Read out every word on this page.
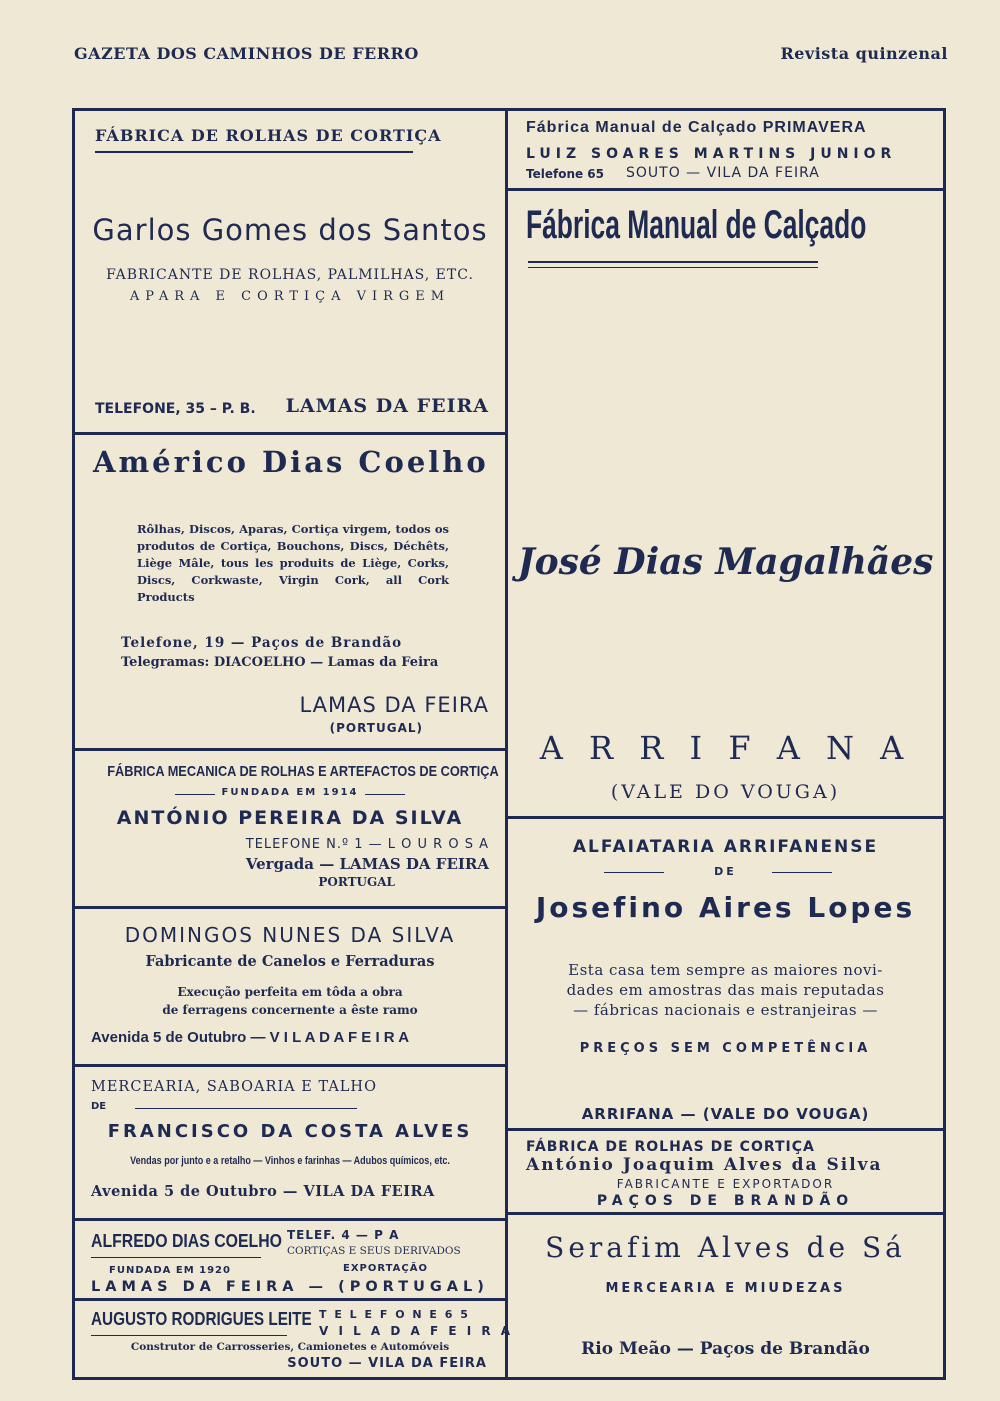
GAZETA DOS CAMINHOS DE FERRO	Revista quinzenal
FÁBRICA DE ROLHAS DE CORTIÇA
Garlos Gomes dos Santos
FABRICANTE DE ROLHAS, PALMILHAS, ETC.
APARA E CORTIÇA VIRGEM
TELEFONE, 35 – P. B. LAMAS DA FEIRA
Américo Dias Coelho
Rôlhas, Discos, Aparas, Cortiça virgem, todos os produtos de Cortiça, Bouchons, Discs, Déchêts, Liège Mâle, tous les produits de Liège, Corks, Discs, Corkwaste, Virgin Cork, all Cork Products
Telefone, 19 — Paços de Brandão
Telegramas: DIACOELHO — Lamas da Feira
LAMAS DA FEIRA
(PORTUGAL)
FÁBRICA MECANICA DE ROLHAS E ARTEFACTOS DE CORTIÇA
FUNDADA EM 1914
ANTÓNIO PEREIRA DA SILVA
TELEFONE N.º 1 — L O U R O S A
Vergada — LAMAS DA FEIRA
PORTUGAL
DOMINGOS NUNES DA SILVA
Fabricante de Canelos e Ferraduras
Execução perfeita em tôda a obra
de ferragens concernente a êste ramo
Avenida 5 de Outubro — V I L A D A F E I R A
MERCEARIA, SABOARIA E TALHO
DE
FRANCISCO DA COSTA ALVES
Vendas por junto e a retalho — Vinhos e farinhas — Adubos químicos, etc.
Avenida 5 de Outubro — VILA DA FEIRA
ALFREDO DIAS COELHO TELEF. 4 — P A
CORTIÇAS E SEUS DERIVADOS
FUNDADA EM 1920	EXPORTAÇÃO
LAMAS DA FEIRA — (PORTUGAL)
AUGUSTO RODRIGUES LEITE T E L E F O N E 6 5
V I L A D A F E I R A
Construtor de Carrosseries, Camionetes e Automóveis
SOUTO — VILA DA FEIRA
Fábrica Manual de Calçado PRIMAVERA
LUIZ SOARES MARTINS JUNIOR
Telefone 65 SOUTO — VILA DA FEIRA
Fábrica Manual de Calçado
José Dias Magalhães
A R R I F A N A
(VALE DO VOUGA)
ALFAIATARIA ARRIFANENSE
DE
Josefino Aires Lopes
Esta casa tem sempre as maiores novi-
dades em amostras das mais reputadas
— fábricas nacionais e estranjeiras —
PREÇOS SEM COMPETÊNCIA
ARRIFANA — (VALE DO VOUGA)
FÁBRICA DE ROLHAS DE CORTIÇA
António Joaquim Alves da Silva
FABRICANTE E EXPORTADOR
PAÇOS DE BRANDÃO
Serafim Alves de Sá
MERCEARIA E MIUDEZAS
Rio Meão — Paços de Brandão
